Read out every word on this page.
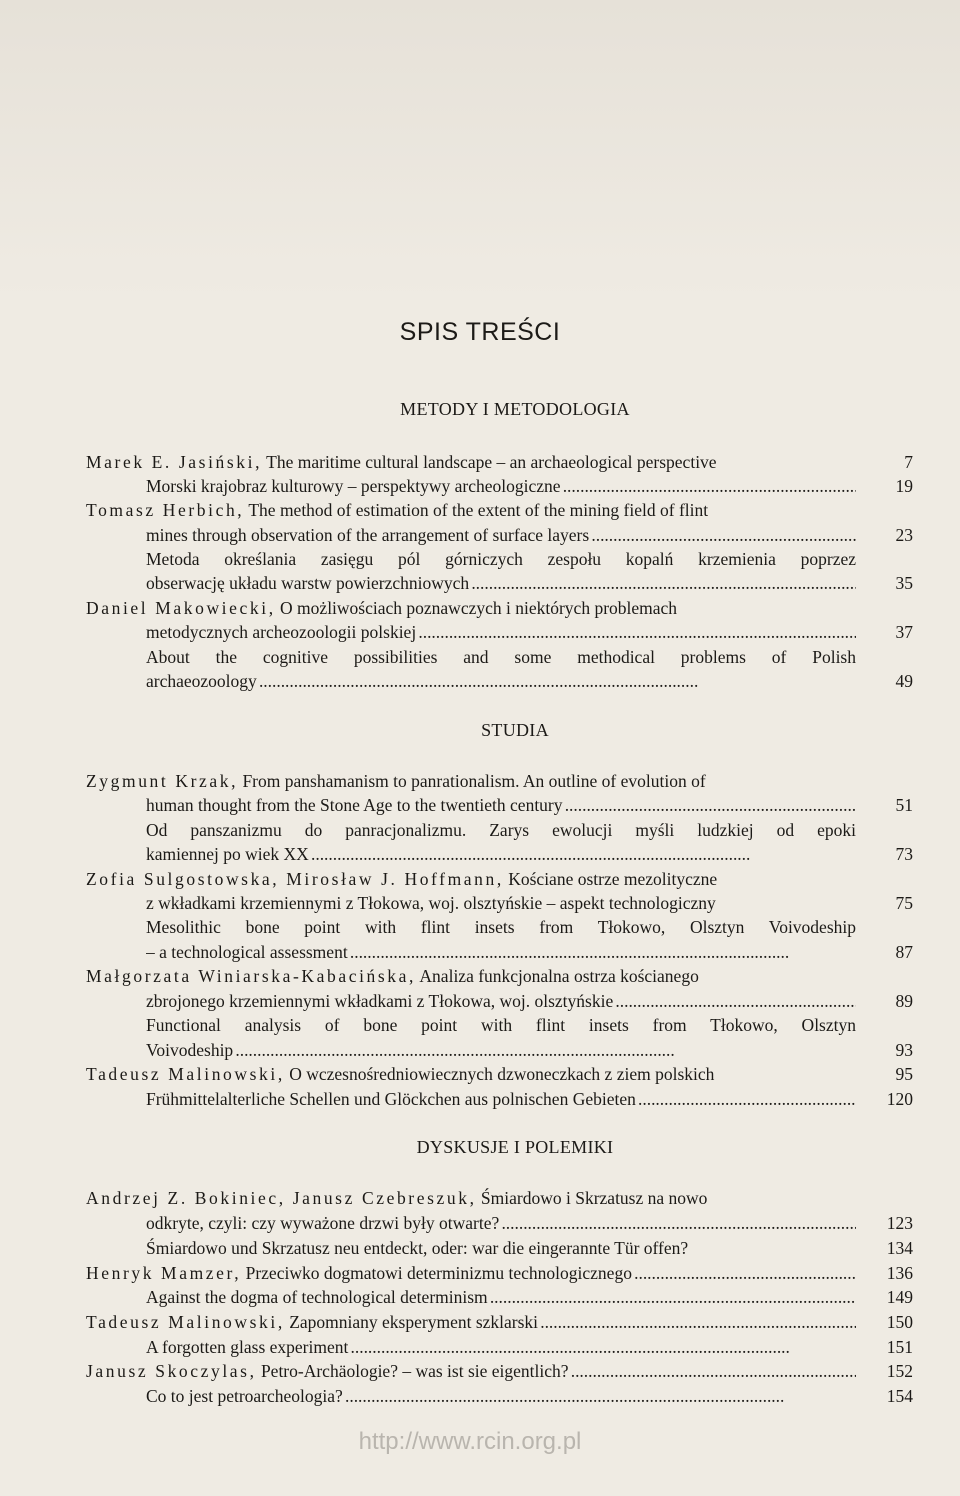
SPIS TREŚCI
METODY I METODOLOGIA
Marek E. Jasiński, The maritime cultural landscape – an archaeological perspective	7
Morski krajobraz kulturowy – perspektywy archeologiczne . . .	19
Tomasz Herbich, The method of estimation of the extent of the mining field of flint
mines through observation of the arrangement of surface layers . . .	23
Metoda określania zasięgu pól górniczych zespołu kopalń krzemienia poprzez
obserwację układu warstw powierzchniowych . . .	35
Daniel Makowiecki, O możliwościach poznawczych i niektórych problemach
metodycznych archeozoologii polskiej . . .	37
About the cognitive possibilities and some methodical problems of Polish
archaeozoology . . .	49
STUDIA
Zygmunt Krzak, From panshamanism to panrationalism. An outline of evolution of
human thought from the Stone Age to the twentieth century . . .	51
Od panszanizmu do panracjonalizmu. Zarys ewolucji myśli ludzkiej od epoki
kamiennej po wiek XX . . .	73
Zofia Sulgostowska, Mirosław J. Hoffmann, Kościane ostrze mezolityczne
z wkładkami krzemiennymi z Tłokowa, woj. olsztyńskie – aspekt technologiczny	75
Mesolithic bone point with flint insets from Tłokowo, Olsztyn Voivodeship
– a technological assessment . . .	87
Małgorzata Winiarska-Kabacińska, Analiza funkcjonalna ostrza kościanego
zbrojonego krzemiennymi wkładkami z Tłokowa, woj. olsztyńskie . . .	89
Functional analysis of bone point with flint insets from Tłokowo, Olsztyn
Voivodeship . . .	93
Tadeusz Malinowski, O wczesnośredniowiecznych dzwoneczkach z ziem polskich	95
Frühmittelalterliche Schellen und Glöckchen aus polnischen Gebieten . . .	120
DYSKUSJE I POLEMIKI
Andrzej Z. Bokiniec, Janusz Czebreszuk, Śmiardowo i Skrzatusz na nowo
odkryte, czyli: czy wyważone drzwi były otwarte? . . .	123
Śmiardowo und Skrzatusz neu entdeckt, oder: war die eingerannte Tür offen?	134
Henryk Mamzer, Przeciwko dogmatowi determinizmu technologicznego . . .	136
Against the dogma of technological determinism . . .	149
Tadeusz Malinowski, Zapomniany eksperyment szklarski . . .	150
A forgotten glass experiment . . .	151
Janusz Skoczylas, Petro-Archäologie? – was ist sie eigentlich? . . .	152
Co to jest petroarcheologia? . . .	154
http://www.rcin.org.pl
